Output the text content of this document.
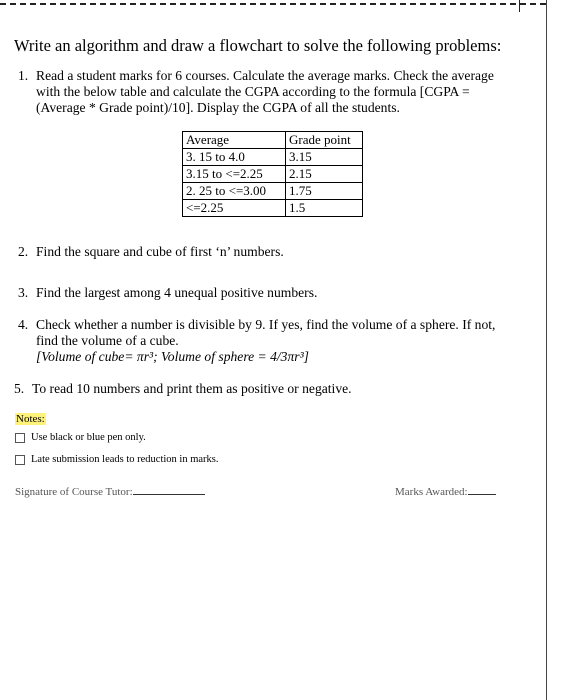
Write an algorithm and draw a flowchart to solve the following problems:
1. Read a student marks for 6 courses. Calculate the average marks. Check the average
with the below table and calculate the CGPA according to the formula [CGPA =
(Average * Grade point)/10]. Display the CGPA of all the students.
Average	Grade point
3. 15 to 4.0	3.15
3.15 to <=2.25	2.15
2. 25 to <=3.00	1.75
<=2.25	1.5
2. Find the square and cube of first ‘n’ numbers.
3. Find the largest among 4 unequal positive numbers.
4. Check whether a number is divisible by 9. If yes, find the volume of a sphere. If not,
find the volume of a cube.
[Volume of cube= πr³; Volume of sphere = 4/3πr³]
5. To read 10 numbers and print them as positive or negative.
Notes:
Use black or blue pen only.
Late submission leads to reduction in marks.
Signature of Course Tutor:	Marks Awarded:
